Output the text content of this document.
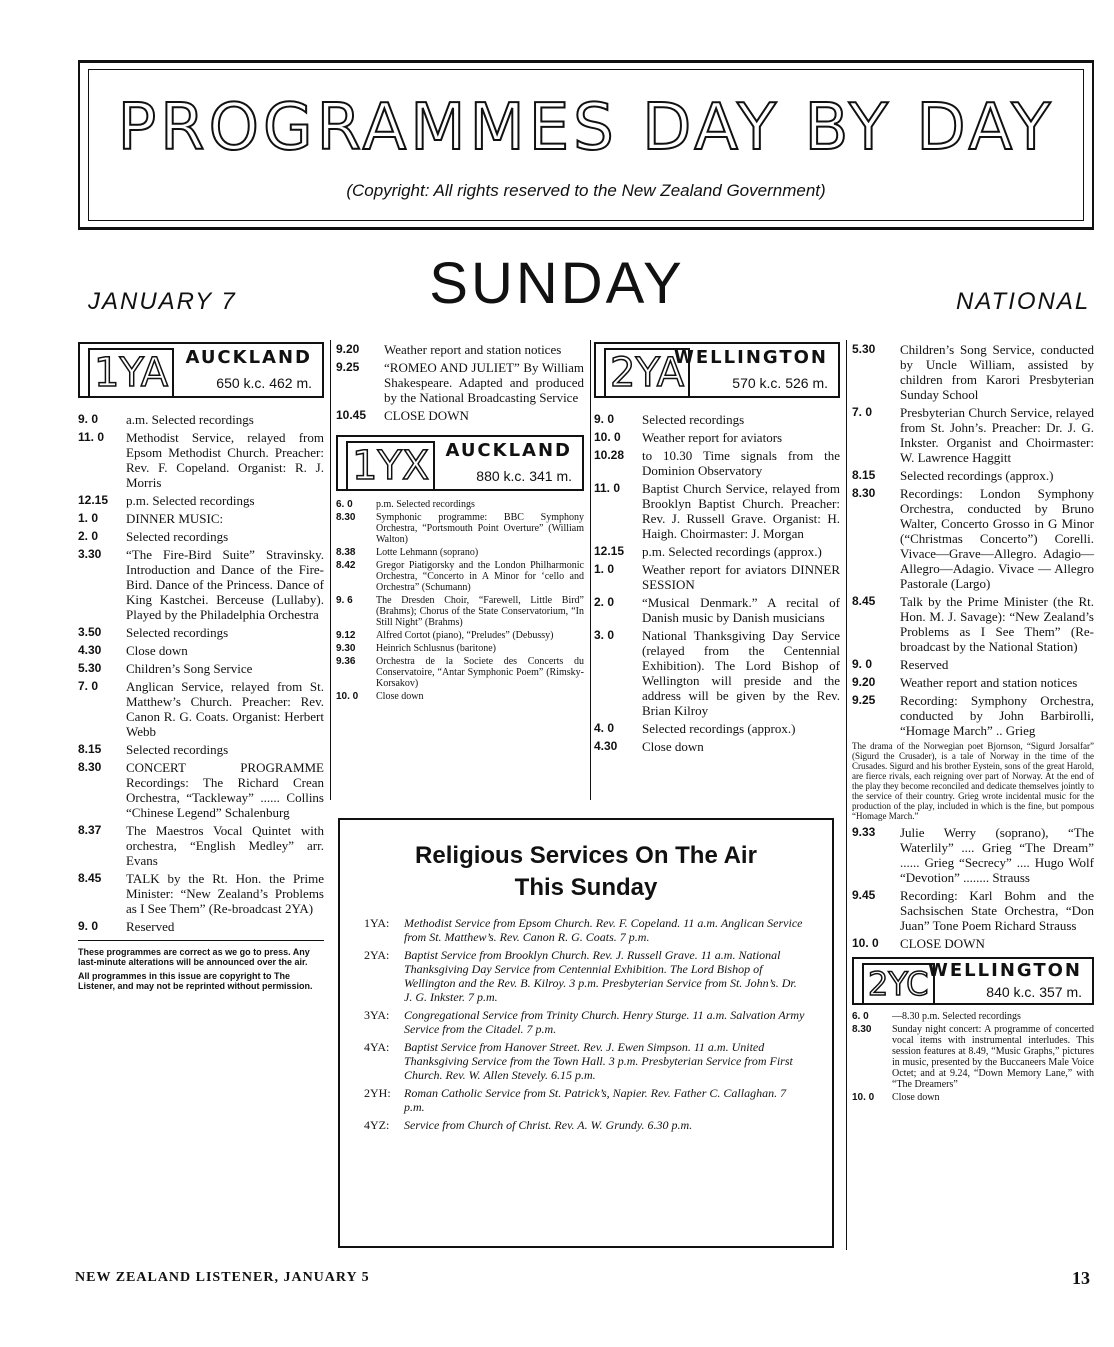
PROGRAMMES DAY BY DAY
(Copyright: All rights reserved to the New Zealand Government)
SUNDAY
JANUARY 7	NATIONAL
1YA AUCKLAND
650 k.c. 462 m.
9. 0	a.m. Selected recordings
11. 0	Methodist Service, relayed from Epsom Methodist Church. Preacher: Rev. F. Copeland. Organist: R. J. Morris
12.15	p.m. Selected recordings
1. 0	DINNER MUSIC:
2. 0	Selected recordings
3.30	“The Fire-Bird Suite” Stravinsky. Introduction and Dance of the Fire-Bird. Dance of the Princess. Dance of King Kastchei. Berceuse (Lullaby). Played by the Philadelphia Orchestra
3.50	Selected recordings
4.30	Close down
5.30	Children’s Song Service
7. 0	Anglican Service, relayed from St. Matthew’s Church. Preacher: Rev. Canon R. G. Coats. Organist: Herbert Webb
8.15	Selected recordings
8.30	CONCERT PROGRAMME Recordings: The Richard Crean Orchestra, “Tackleway” ...... Collins “Chinese Legend” Schalenburg
8.37	The Maestros Vocal Quintet with orchestra, “English Medley” arr. Evans
8.45	TALK by the Rt. Hon. the Prime Minister: “New Zealand’s Problems as I See Them” (Re-broadcast 2YA)
9. 0	Reserved
These programmes are correct as we go to press. Any last-minute alterations will be announced over the air.
All programmes in this issue are copyright to The Listener, and may not be reprinted without permission.
9.20	Weather report and station notices
9.25	“ROMEO AND JULIET” By William Shakespeare. Adapted and produced by the National Broadcasting Service
10.45	CLOSE DOWN
1YX AUCKLAND
880 k.c. 341 m.
6. 0	p.m. Selected recordings
8.30	Symphonic programme: BBC Symphony Orchestra, “Portsmouth Point Overture” (William Walton)
8.38	Lotte Lehmann (soprano)
8.42	Gregor Piatigorsky and the London Philharmonic Orchestra, “Concerto in A Minor for ‘cello and Orchestra” (Schumann)
9. 6	The Dresden Choir, “Farewell, Little Bird” (Brahms); Chorus of the State Conservatorium, “In Still Night” (Brahms)
9.12	Alfred Cortot (piano), “Preludes” (Debussy)
9.30	Heinrich Schlusnus (baritone)
9.36	Orchestra de la Societe des Concerts du Conservatoire, “Antar Symphonic Poem” (Rimsky-Korsakov)
10. 0	Close down
2YA
WELLINGTON
570 k.c. 526 m.
9. 0	Selected recordings
10. 0	Weather report for aviators
10.28	to 10.30 Time signals from the Dominion Observatory
11. 0	Baptist Church Service, relayed from Brooklyn Baptist Church. Preacher: Rev. J. Russell Grave. Organist: H. Haigh. Choirmaster: J. Morgan
12.15	p.m. Selected recordings (approx.)
1. 0	Weather report for aviators DINNER SESSION
2. 0	“Musical Denmark.” A recital of Danish music by Danish musicians
3. 0	National Thanksgiving Day Service (relayed from the Centennial Exhibition). The Lord Bishop of Wellington will preside and the address will be given by the Rev. Brian Kilroy
4. 0	Selected recordings (approx.)
4.30	Close down
5.30	Children’s Song Service, conducted by Uncle William, assisted by children from Karori Presbyterian Sunday School
7. 0	Presbyterian Church Service, relayed from St. John’s. Preacher: Dr. J. G. Inkster. Organist and Choirmaster: W. Lawrence Haggitt
8.15	Selected recordings (approx.)
8.30	Recordings: London Symphony Orchestra, conducted by Bruno Walter, Concerto Grosso in G Minor (“Christmas Concerto”) Corelli. Vivace—Grave—Allegro. Adagio—Allegro—Adagio. Vivace — Allegro Pastorale (Largo)
8.45	Talk by the Prime Minister (the Rt. Hon. M. J. Savage): “New Zealand’s Problems as I See Them” (Re-broadcast by the National Station)
9. 0	Reserved
9.20	Weather report and station notices
9.25	Recording: Symphony Orchestra, conducted by John Barbirolli, “Homage March” .. Grieg
The drama of the Norwegian poet Bjornson, “Sigurd Jorsalfar” (Sigurd the Crusader), is a tale of Norway in the time of the Crusades. Sigurd and his brother Eystein, sons of the great Harold, are fierce rivals, each reigning over part of Norway. At the end of the play they become reconciled and dedicate themselves jointly to the service of their country. Grieg wrote incidental music for the production of the play, included in which is the fine, but pompous “Homage March.”
9.33	Julie Werry (soprano), “The Waterlily” .... Grieg “The Dream” ...... Grieg “Secrecy” .... Hugo Wolf “Devotion” ........ Strauss
9.45	Recording: Karl Bohm and the Sachsischen State Orchestra, “Don Juan” Tone Poem Richard Strauss
10. 0	CLOSE DOWN
2YC WELLINGTON
840 k.c. 357 m.
6. 0	—8.30 p.m. Selected recordings
8.30	Sunday night concert: A programme of concerted vocal items with instrumental interludes. This session features at 8.49, “Music Graphs,” pictures in music, presented by the Buccaneers Male Voice Octet; and at 9.24, “Down Memory Lane,” with “The Dreamers”
10. 0	Close down
Religious Services On The Air
This Sunday
1YA:	Methodist Service from Epsom Church. Rev. F. Copeland. 11 a.m. Anglican Service from St. Matthew’s. Rev. Canon R. G. Coats. 7 p.m.
2YA:	Baptist Service from Brooklyn Church. Rev. J. Russell Grave. 11 a.m. National Thanksgiving Day Service from Centennial Exhibition. The Lord Bishop of Wellington and the Rev. B. Kilroy. 3 p.m. Presbyterian Service from St. John’s. Dr. J. G. Inkster. 7 p.m.
3YA:	Congregational Service from Trinity Church. Henry Sturge. 11 a.m. Salvation Army Service from the Citadel. 7 p.m.
4YA:	Baptist Service from Hanover Street. Rev. J. Ewen Simpson. 11 a.m. United Thanksgiving Service from the Town Hall. 3 p.m. Presbyterian Service from First Church. Rev. W. Allen Stevely. 6.15 p.m.
2YH:	Roman Catholic Service from St. Patrick’s, Napier. Rev. Father C. Callaghan. 7 p.m.
4YZ:	Service from Church of Christ. Rev. A. W. Grundy. 6.30 p.m.
NEW ZEALAND LISTENER, JANUARY 5	13
